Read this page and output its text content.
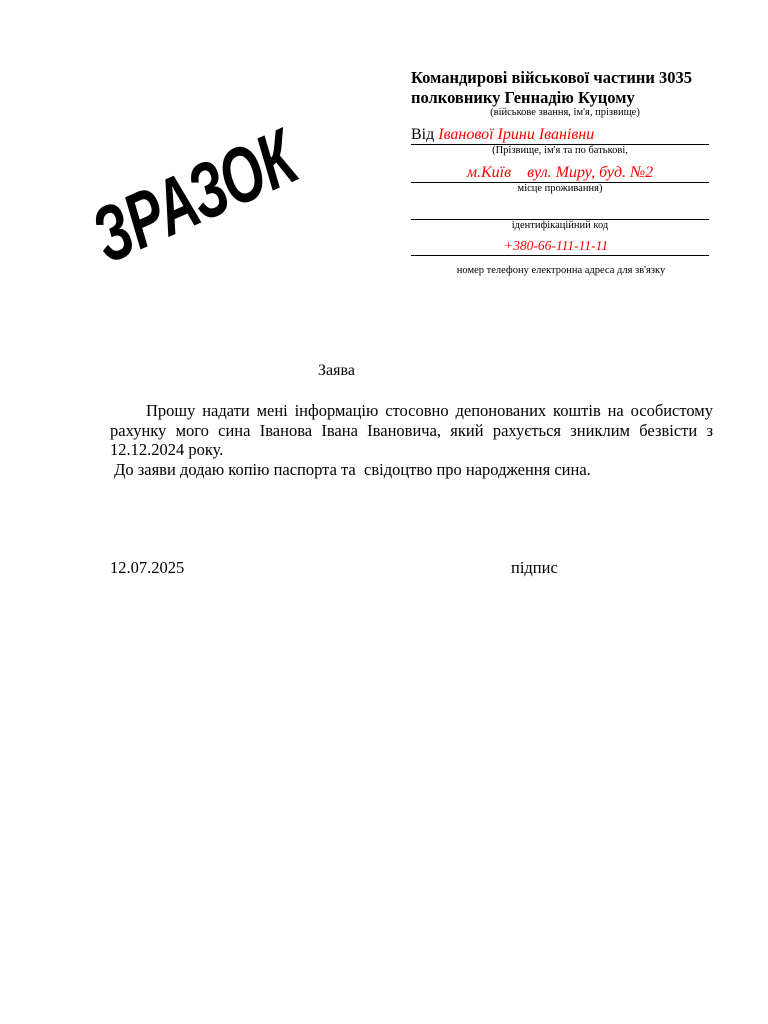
ЗРАЗОК
Командирові військової частини 3035
полковнику Геннадію Куцому
(військове звання, ім'я, прізвище)
Від Іванової Ірини Іванівни
(Прізвище, ім'я та по батькові,
м.Київ    вул. Миру, буд. №2
місце проживання)
ідентифікаційний код
+380-66-111-11-11
номер телефону електронна адреса для зв'язку
Заява
Прошу надати мені інформацію стосовно депонованих коштів на особистому рахунку мого сина Іванова Івана Івановича, який рахується зниклим безвісти з 12.12.2024 року.
До заяви додаю копію паспорта та  свідоцтво про народження сина.
12.07.2025	підпис
